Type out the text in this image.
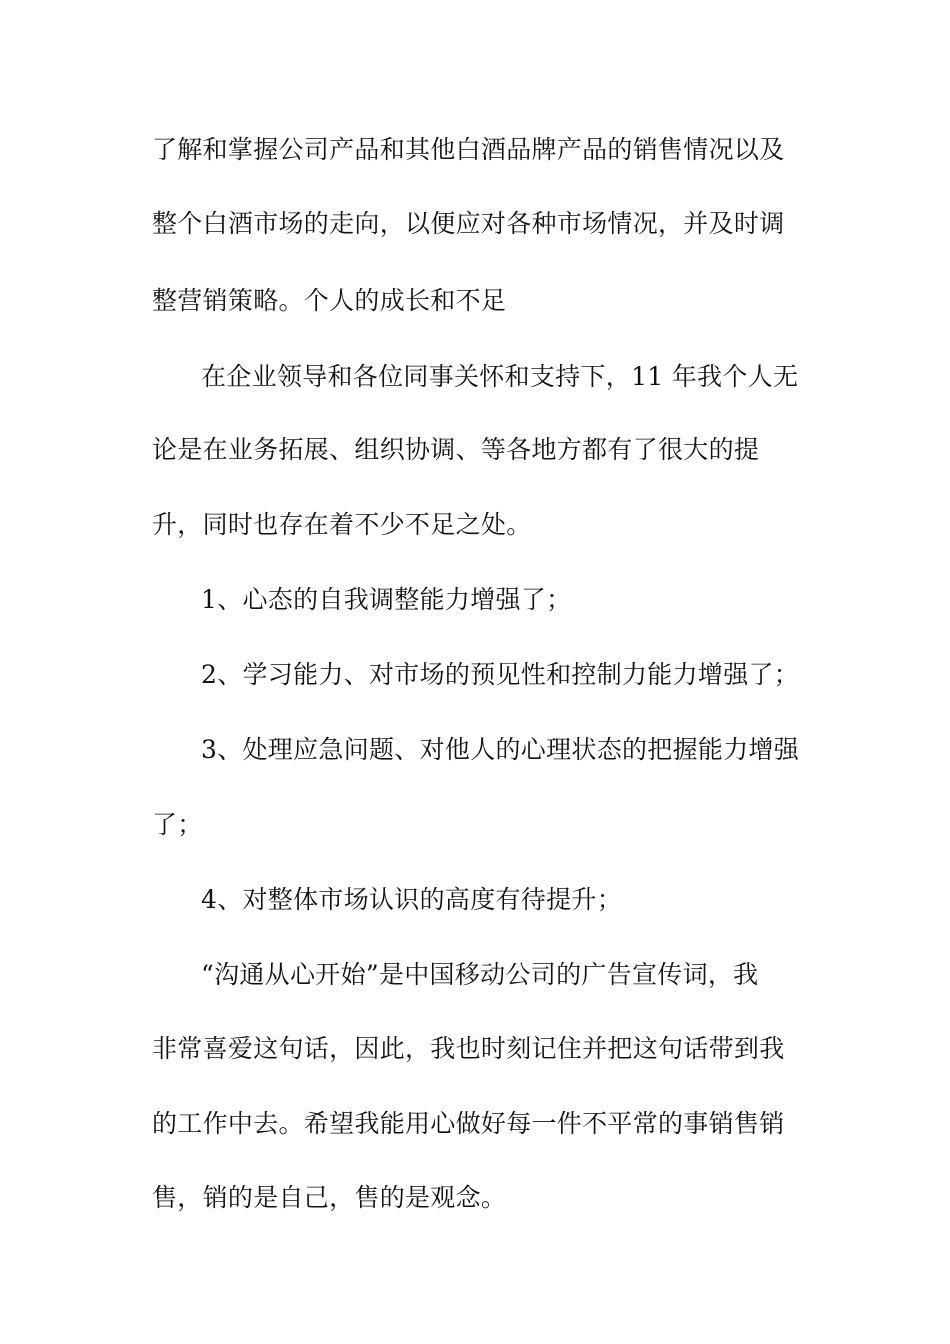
了解和掌握公司产品和其他白酒品牌产品的销售情况以及

整个白酒市场的走向，以便应对各种市场情况，并及时调

整营销策略。个人的成长和不足

在企业领导和各位同事关怀和支持下，11 年我个人无

论是在业务拓展、组织协调、等各地方都有了很大的提

升，同时也存在着不少不足之处。

1、心态的自我调整能力增强了；

2、学习能力、对市场的预见性和控制力能力增强了；

3、处理应急问题、对他人的心理状态的把握能力增强

了；

4、对整体市场认识的高度有待提升；

“沟通从心开始”是中国移动公司的广告宣传词，我

非常喜爱这句话，因此，我也时刻记住并把这句话带到我

的工作中去。希望我能用心做好每一件不平常的事销售销

售，销的是自己，售的是观念。
